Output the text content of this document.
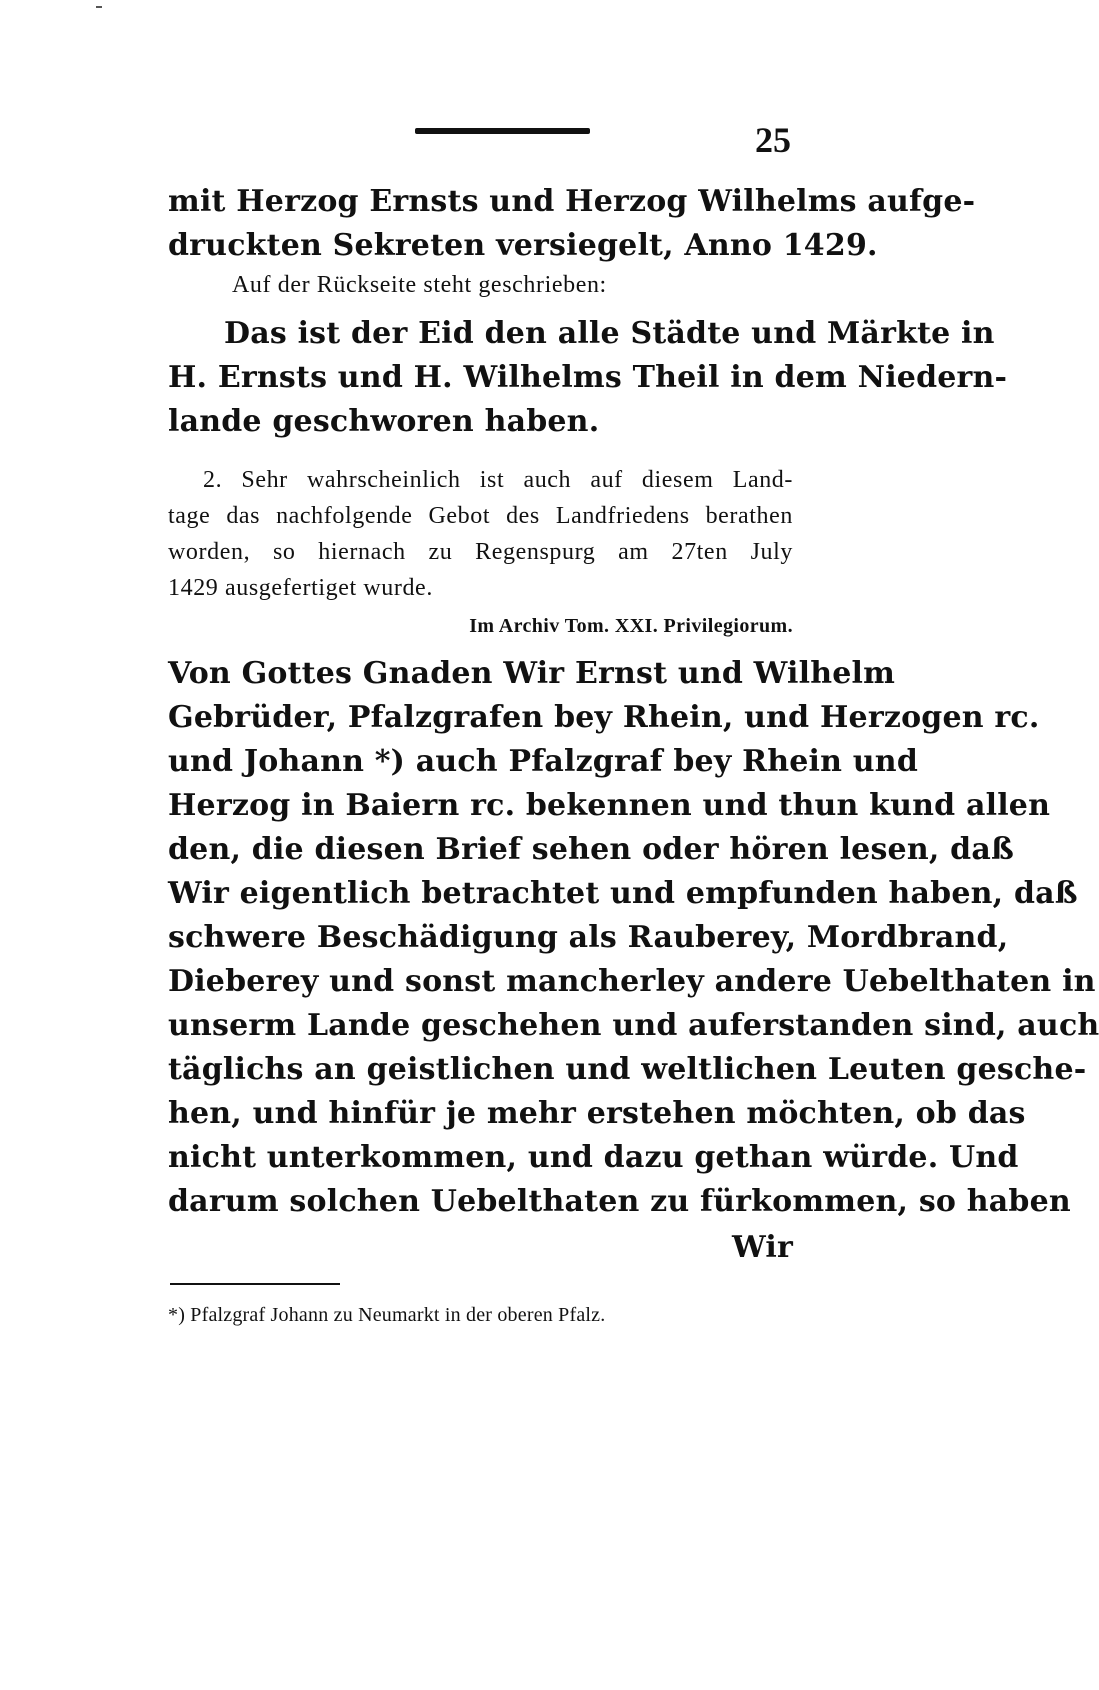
25
mit Herzog Ernsts und Herzog Wilhelms aufge-
druckten Sekreten versiegelt, Anno 1429.
Auf der Rückseite steht geschrieben:
Das ist der Eid den alle Städte und Märkte in
H. Ernsts und H. Wilhelms Theil in dem Niedern-
lande geschworen haben.
2. Sehr wahrscheinlich ist auch auf diesem Land-
tage das nachfolgende Gebot des Landfriedens berathen
worden, so hiernach zu Regenspurg am 27ten July
1429 ausgefertiget wurde.
Im Archiv Tom. XXI. Privilegiorum.
Von Gottes Gnaden Wir Ernst und Wilhelm
Gebrüder, Pfalzgrafen bey Rhein, und Herzogen rc.
und Johann *) auch Pfalzgraf bey Rhein und
Herzog in Baiern rc. bekennen und thun kund allen
den, die diesen Brief sehen oder hören lesen, daß
Wir eigentlich betrachtet und empfunden haben, daß
schwere Beschädigung als Rauberey, Mordbrand,
Dieberey und sonst mancherley andere Uebelthaten in
unserm Lande geschehen und auferstanden sind, auch
täglichs an geistlichen und weltlichen Leuten gesche-
hen, und hinfür je mehr erstehen möchten, ob das
nicht unterkommen, und dazu gethan würde. Und
darum solchen Uebelthaten zu fürkommen, so haben
Wir
*) Pfalzgraf Johann zu Neumarkt in der oberen Pfalz.
